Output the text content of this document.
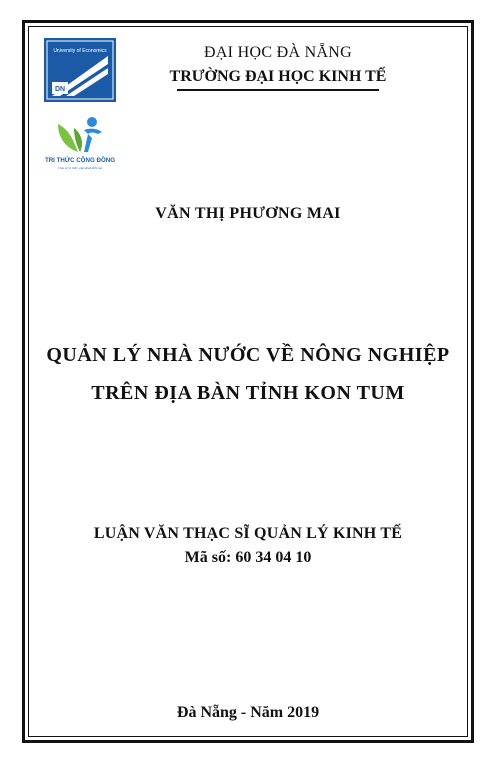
University of Economics
DN
TRI THỨC CỘNG ĐỒNG
Chia sẻ tri thức, góp phần kiến tạo

ĐẠI HỌC ĐÀ NẴNG

TRƯỜNG ĐẠI HỌC KINH TẾ

VĂN THỊ PHƯƠNG MAI

QUẢN LÝ NHÀ NƯỚC VỀ NÔNG NGHIỆP

TRÊN ĐỊA BÀN TỈNH KON TUM

LUẬN VĂN THẠC SĨ QUẢN LÝ KINH TẾ

Mã số: 60 34 04 10

Đà Nẵng - Năm 2019
